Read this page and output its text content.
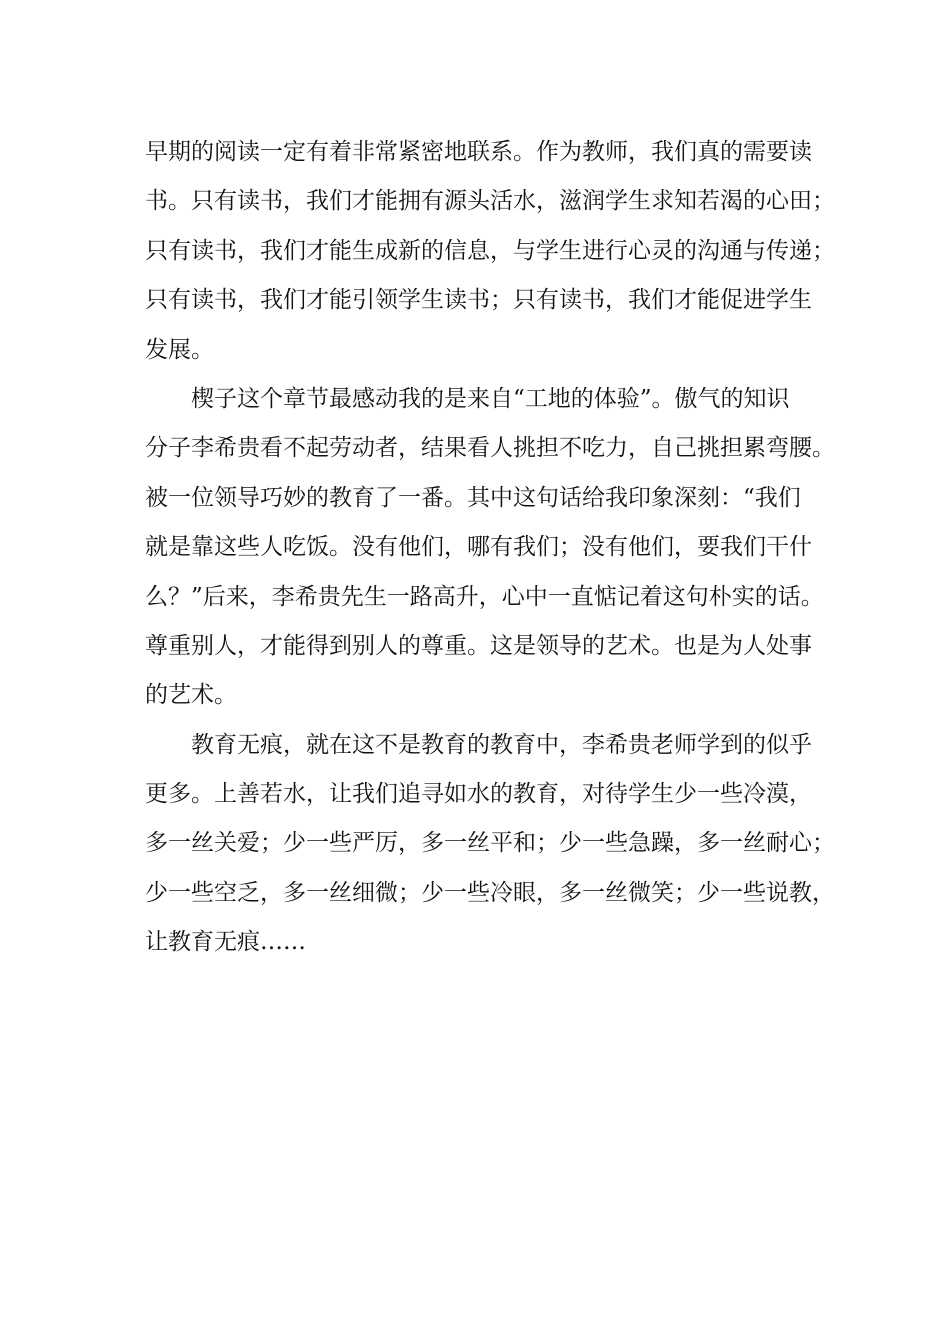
早期的阅读一定有着非常紧密地联系。作为教师，我们真的需要读
书。只有读书，我们才能拥有源头活水，滋润学生求知若渴的心田；
只有读书，我们才能生成新的信息，与学生进行心灵的沟通与传递；
只有读书，我们才能引领学生读书；只有读书，我们才能促进学生
发展。
楔子这个章节最感动我的是来自“工地的体验”。傲气的知识
分子李希贵看不起劳动者，结果看人挑担不吃力，自己挑担累弯腰。
被一位领导巧妙的教育了一番。其中这句话给我印象深刻：“我们
就是靠这些人吃饭。没有他们，哪有我们；没有他们，要我们干什
么？”后来，李希贵先生一路高升，心中一直惦记着这句朴实的话。
尊重别人，才能得到别人的尊重。这是领导的艺术。也是为人处事
的艺术。
教育无痕，就在这不是教育的教育中，李希贵老师学到的似乎
更多。上善若水，让我们追寻如水的教育，对待学生少一些冷漠，
多一丝关爱；少一些严厉，多一丝平和；少一些急躁，多一丝耐心；
少一些空乏，多一丝细微；少一些冷眼，多一丝微笑；少一些说教，
让教育无痕……
